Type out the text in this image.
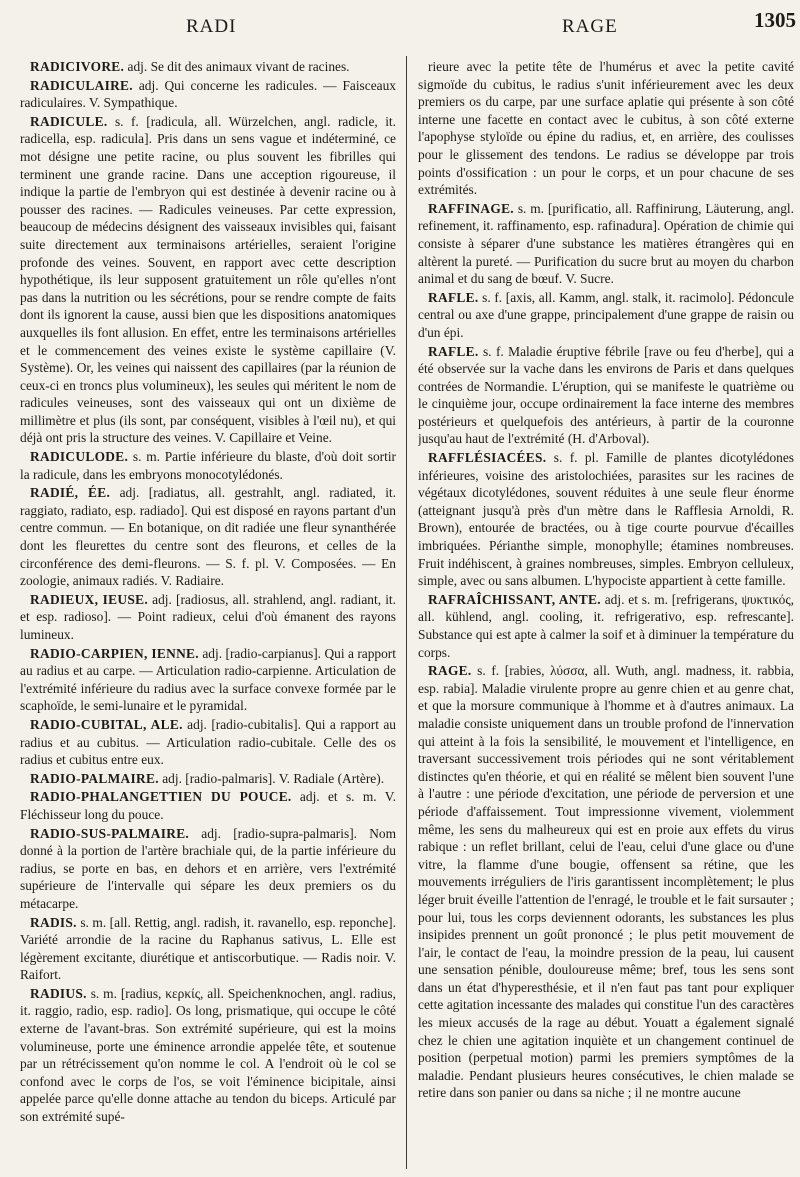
RADI	RAGE	1305

RADICIVORE. adj. Se dit des animaux vivant de racines.

RADICULAIRE. adj. Qui concerne les radicules. — Faisceaux radiculaires. V. Sympathique.

RADICULE. s. f. [radicula, all. Würzelchen, angl. radicle, it. radicella, esp. radicula]. Pris dans un sens vague et indéterminé, ce mot désigne une petite racine, ou plus souvent les fibrilles qui terminent une grande racine. Dans une acception rigoureuse, il indique la partie de l'embryon qui est destinée à devenir racine ou à pousser des racines. — Radicules veineuses. Par cette expression, beaucoup de médecins désignent des vaisseaux invisibles qui, faisant suite directement aux terminaisons artérielles, seraient l'origine profonde des veines. Souvent, en rapport avec cette description hypothétique, ils leur supposent gratuitement un rôle qu'elles n'ont pas dans la nutrition ou les sécrétions, pour se rendre compte de faits dont ils ignorent la cause, aussi bien que les dispositions anatomiques auxquelles ils font allusion. En effet, entre les terminaisons artérielles et le commencement des veines existe le système capillaire (V. Système). Or, les veines qui naissent des capillaires (par la réunion de ceux-ci en troncs plus volumineux), les seules qui méritent le nom de radicules veineuses, sont des vaisseaux qui ont un dixième de millimètre et plus (ils sont, par conséquent, visibles à l'œil nu), et qui déjà ont pris la structure des veines. V. Capillaire et Veine.

RADICULODE. s. m. Partie inférieure du blaste, d'où doit sortir la radicule, dans les embryons monocotylédonés.

RADIÉ, ÉE. adj. [radiatus, all. gestrahlt, angl. radiated, it. raggiato, radiato, esp. radiado]. Qui est disposé en rayons partant d'un centre commun. — En botanique, on dit radiée une fleur synanthérée dont les fleurettes du centre sont des fleurons, et celles de la circonférence des demi-fleurons. — S. f. pl. V. Composées. — En zoologie, animaux radiés. V. Radiaire.

RADIEUX, IEUSE. adj. [radiosus, all. strahlend, angl. radiant, it. et esp. radioso]. — Point radieux, celui d'où émanent des rayons lumineux.

RADIO-CARPIEN, IENNE. adj. [radio-carpianus]. Qui a rapport au radius et au carpe. — Articulation radio-carpienne. Articulation de l'extrémité inférieure du radius avec la surface convexe formée par le scaphoïde, le semi-lunaire et le pyramidal.

RADIO-CUBITAL, ALE. adj. [radio-cubitalis]. Qui a rapport au radius et au cubitus. — Articulation radio-cubitale. Celle des os radius et cubitus entre eux.

RADIO-PALMAIRE. adj. [radio-palmaris]. V. Radiale (Artère).

RADIO-PHALANGETTIEN DU POUCE. adj. et s. m. V. Fléchisseur long du pouce.

RADIO-SUS-PALMAIRE. adj. [radio-supra-palmaris]. Nom donné à la portion de l'artère brachiale qui, de la partie inférieure du radius, se porte en bas, en dehors et en arrière, vers l'extrémité supérieure de l'intervalle qui sépare les deux premiers os du métacarpe.

RADIS. s. m. [all. Rettig, angl. radish, it. ravanello, esp. reponche]. Variété arrondie de la racine du Raphanus sativus, L. Elle est légèrement excitante, diurétique et antiscorbutique. — Radis noir. V. Raifort.

RADIUS. s. m. [radius, κερκίς, all. Speichenknochen, angl. radius, it. raggio, radio, esp. radio]. Os long, prismatique, qui occupe le côté externe de l'avant-bras. Son extrémité supérieure, qui est la moins volumineuse, porte une éminence arrondie appelée tête, et soutenue par un rétrécissement qu'on nomme le col. A l'endroit où le col se confond avec le corps de l'os, se voit l'éminence bicipitale, ainsi appelée parce qu'elle donne attache au tendon du biceps. Articulé par son extrémité supé-

rieure avec la petite tête de l'humérus et avec la petite cavité sigmoïde du cubitus, le radius s'unit inférieurement avec les deux premiers os du carpe, par une surface aplatie qui présente à son côté interne une facette en contact avec le cubitus, à son côté externe l'apophyse styloïde ou épine du radius, et, en arrière, des coulisses pour le glissement des tendons. Le radius se développe par trois points d'ossification : un pour le corps, et un pour chacune de ses extrémités.

RAFFINAGE. s. m. [purificatio, all. Raffinirung, Läuterung, angl. refinement, it. raffinamento, esp. rafinadura]. Opération de chimie qui consiste à séparer d'une substance les matières étrangères qui en altèrent la pureté. — Purification du sucre brut au moyen du charbon animal et du sang de bœuf. V. Sucre.

RAFLE. s. f. [axis, all. Kamm, angl. stalk, it. racimolo]. Pédoncule central ou axe d'une grappe, principalement d'une grappe de raisin ou d'un épi.

RAFLE. s. f. Maladie éruptive fébrile [rave ou feu d'herbe], qui a été observée sur la vache dans les environs de Paris et dans quelques contrées de Normandie. L'éruption, qui se manifeste le quatrième ou le cinquième jour, occupe ordinairement la face interne des membres postérieurs et quelquefois des antérieurs, à partir de la couronne jusqu'au haut de l'extrémité (H. d'Arboval).

RAFFLÉSIACÉES. s. f. pl. Famille de plantes dicotylédones inférieures, voisine des aristolochiées, parasites sur les racines de végétaux dicotylédones, souvent réduites à une seule fleur énorme (atteignant jusqu'à près d'un mètre dans le Rafflesia Arnoldi, R. Brown), entourée de bractées, ou à tige courte pourvue d'écailles imbriquées. Périanthe simple, monophylle; étamines nombreuses. Fruit indéhiscent, à graines nombreuses, simples. Embryon celluleux, simple, avec ou sans albumen. L'hypociste appartient à cette famille.

RAFRAÎCHISSANT, ANTE. adj. et s. m. [refrigerans, ψυκτικός, all. kühlend, angl. cooling, it. refrigerativo, esp. refrescante]. Substance qui est apte à calmer la soif et à diminuer la température du corps.

RAGE. s. f. [rabies, λύσσα, all. Wuth, angl. madness, it. rabbia, esp. rabia]. Maladie virulente propre au genre chien et au genre chat, et que la morsure communique à l'homme et à d'autres animaux. La maladie consiste uniquement dans un trouble profond de l'innervation qui atteint à la fois la sensibilité, le mouvement et l'intelligence, en traversant successivement trois périodes qui ne sont véritablement distinctes qu'en théorie, et qui en réalité se mêlent bien souvent l'une à l'autre : une période d'excitation, une période de perversion et une période d'affaissement. Tout impressionne vivement, violemment même, les sens du malheureux qui est en proie aux effets du virus rabique : un reflet brillant, celui de l'eau, celui d'une glace ou d'une vitre, la flamme d'une bougie, offensent sa rétine, que les mouvements irréguliers de l'iris garantissent incomplètement; le plus léger bruit éveille l'attention de l'enragé, le trouble et le fait sursauter ; pour lui, tous les corps deviennent odorants, les substances les plus insipides prennent un goût prononcé ; le plus petit mouvement de l'air, le contact de l'eau, la moindre pression de la peau, lui causent une sensation pénible, douloureuse même; bref, tous les sens sont dans un état d'hyperesthésie, et il n'en faut pas tant pour expliquer cette agitation incessante des malades qui constitue l'un des caractères les mieux accusés de la rage au début. Youatt a également signalé chez le chien une agitation inquiète et un changement continuel de position (perpetual motion) parmi les premiers symptômes de la maladie. Pendant plusieurs heures consécutives, le chien malade se retire dans son panier ou dans sa niche ; il ne montre aucune
